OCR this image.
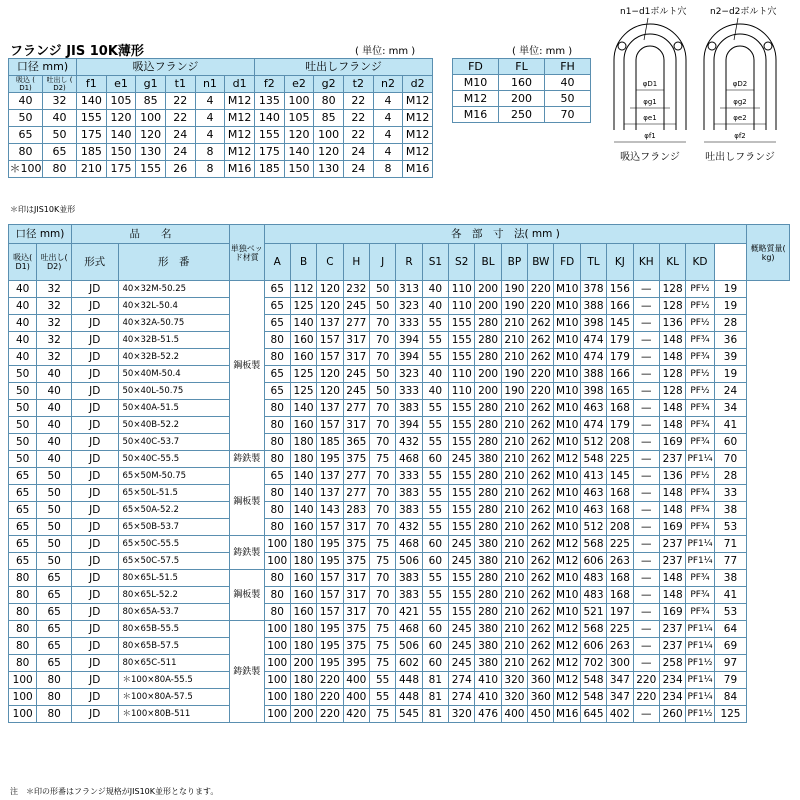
フランジ JIS 10K薄形	( 単位: mm )	( 単位: mm )
口径 mm)		吸込フランジ						吐出しフランジ					
吸込 ( D1)	吐出し ( D2)	f1	e1	g1	t1	n1	d1	f2	e2	g2	t2	n2	d2
40	32	140	105	85	22	4	M12	135	100	80	22	4	M12
50	40	155	120	100	22	4	M12	140	105	85	22	4	M12
65	50	175	140	120	24	4	M12	155	120	100	22	4	M12
80	65	185	150	130	24	8	M12	175	140	120	24	4	M12
＊100	80	210	175	155	26	8	M16	185	150	130	24	8	M16
＊印はJIS10K並形
FD	FL	FH
M10	160	40
M12	200	50
M16	250	70
n1−d1ボルト穴	n2−d2ボルト穴
φD1
φg1
φe1
φf1
φD2
φg2
φe2
φf2
吸込フランジ	吐出しフランジ
口径 mm)		品　　名		単独ベッド材質	各　部　寸　法( mm )																		概略質量( kg)
吸込( D1)	吐出し( D2)	形式	形　番																				
					A	B	C	H	J	R	S1	S2	BL	BP	BW	FD	TL	KJ	KH	KL	KD		
40	32	JD	40×32M-50.25	鋼板製	65	112	120	232	50	313	40	110	200	190	220	M10	378	156	—	128	PF½	19	
40	32	JD	40×32L-50.4		65	125	120	245	50	323	40	110	200	190	220	M10	388	166	—	128	PF½	19	
40	32	JD	40×32A-50.75		65	140	137	277	70	333	55	155	280	210	262	M10	398	145	—	136	PF½	28	
40	32	JD	40×32B-51.5		80	160	157	317	70	394	55	155	280	210	262	M10	474	179	—	148	PF¾	36	
40	32	JD	40×32B-52.2		80	160	157	317	70	394	55	155	280	210	262	M10	474	179	—	148	PF¾	39	
50	40	JD	50×40M-50.4		65	125	120	245	50	323	40	110	200	190	220	M10	388	166	—	128	PF½	19	
50	40	JD	50×40L-50.75		65	125	120	245	50	333	40	110	200	190	220	M10	398	165	—	128	PF½	24	
50	40	JD	50×40A-51.5		80	140	137	277	70	383	55	155	280	210	262	M10	463	168	—	148	PF¾	34	
50	40	JD	50×40B-52.2		80	160	157	317	70	394	55	155	280	210	262	M10	474	179	—	148	PF¾	41	
50	40	JD	50×40C-53.7		80	180	185	365	70	432	55	155	280	210	262	M10	512	208	—	169	PF¾	60	
50	40	JD	50×40C-55.5	鋳鉄製	80	180	195	375	75	468	60	245	380	210	262	M12	548	225	—	237	PF1¼	70	
65	50	JD	65×50M-50.75	鋼板製	65	140	137	277	70	333	55	155	280	210	262	M10	413	145	—	136	PF½	28	
65	50	JD	65×50L-51.5		80	140	137	277	70	383	55	155	280	210	262	M10	463	168	—	148	PF¾	33	
65	50	JD	65×50A-52.2		80	140	143	283	70	383	55	155	280	210	262	M10	463	168	—	148	PF¾	38	
65	50	JD	65×50B-53.7		80	160	157	317	70	432	55	155	280	210	262	M10	512	208	—	169	PF¾	53	
65	50	JD	65×50C-55.5	鋳鉄製	100	180	195	375	75	468	60	245	380	210	262	M12	568	225	—	237	PF1¼	71	
65	50	JD	65×50C-57.5		100	180	195	375	75	506	60	245	380	210	262	M12	606	263	—	237	PF1¼	77	
80	65	JD	80×65L-51.5	鋼板製	80	160	157	317	70	383	55	155	280	210	262	M10	483	168	—	148	PF¾	38	
80	65	JD	80×65L-52.2		80	160	157	317	70	383	55	155	280	210	262	M10	483	168	—	148	PF¾	41	
80	65	JD	80×65A-53.7		80	160	157	317	70	421	55	155	280	210	262	M10	521	197	—	169	PF¾	53	
80	65	JD	80×65B-55.5	鋳鉄製	100	180	195	375	75	468	60	245	380	210	262	M12	568	225	—	237	PF1¼	64	
80	65	JD	80×65B-57.5		100	180	195	375	75	506	60	245	380	210	262	M12	606	263	—	237	PF1¼	69	
80	65	JD	80×65C-511		100	200	195	395	75	602	60	245	380	210	262	M12	702	300	—	258	PF1½	97	
100	80	JD	＊100×80A-55.5		100	180	220	400	55	448	81	274	410	320	360	M12	548	347	220	234	PF1¼	79	
100	80	JD	＊100×80A-57.5		100	180	220	400	55	448	81	274	410	320	360	M12	548	347	220	234	PF1¼	84	
100	80	JD	＊100×80B-511		100	200	220	420	75	545	81	320	476	400	450	M16	645	402	—	260	PF1½	125	
注　＊印の形番はフランジ規格がJIS10K並形となります。
